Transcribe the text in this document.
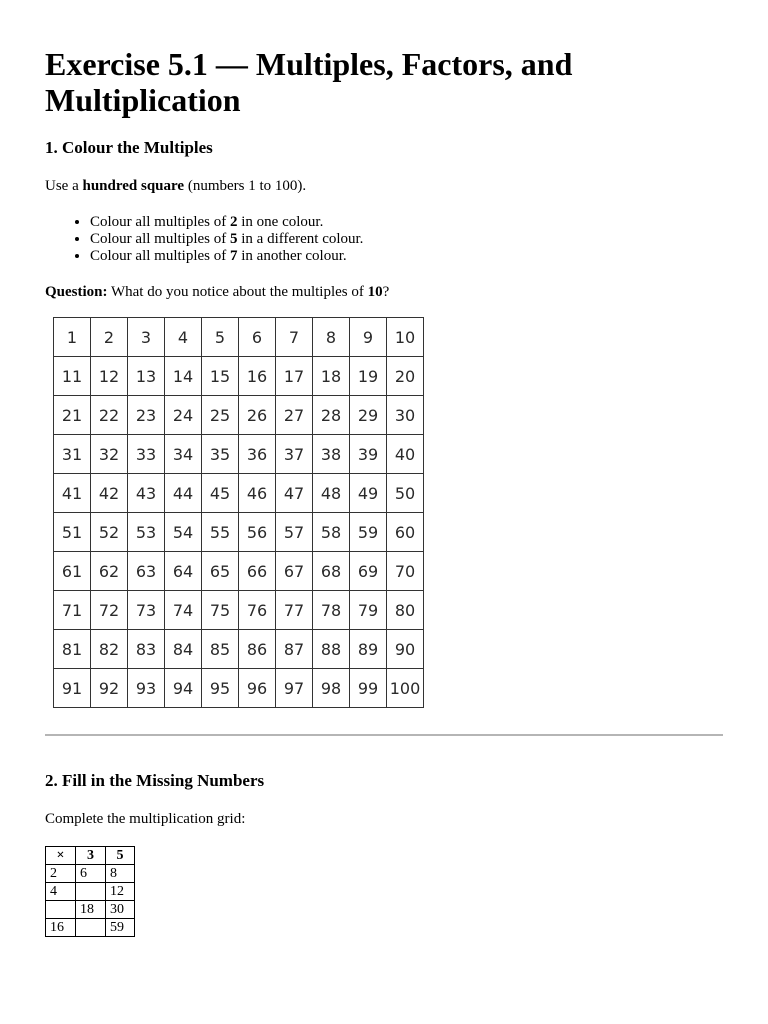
Exercise 5.1 — Multiples, Factors, and Multiplication
1. Colour the Multiples

Use a hundred square (numbers 1 to 100).

• Colour all multiples of 2 in one colour.
• Colour all multiples of 5 in a different colour.
• Colour all multiples of 7 in another colour.

Question: What do you notice about the multiples of 10?

1	2	3	4	5	6	7	8	9	10
11	12	13	14	15	16	17	18	19	20
21	22	23	24	25	26	27	28	29	30
31	32	33	34	35	36	37	38	39	40
41	42	43	44	45	46	47	48	49	50
51	52	53	54	55	56	57	58	59	60
61	62	63	64	65	66	67	68	69	70
71	72	73	74	75	76	77	78	79	80
81	82	83	84	85	86	87	88	89	90
91	92	93	94	95	96	97	98	99	100
2. Fill in the Missing Numbers

Complete the multiplication grid:

×	3	5
2	6	8
4		12
	18	30
16		59
